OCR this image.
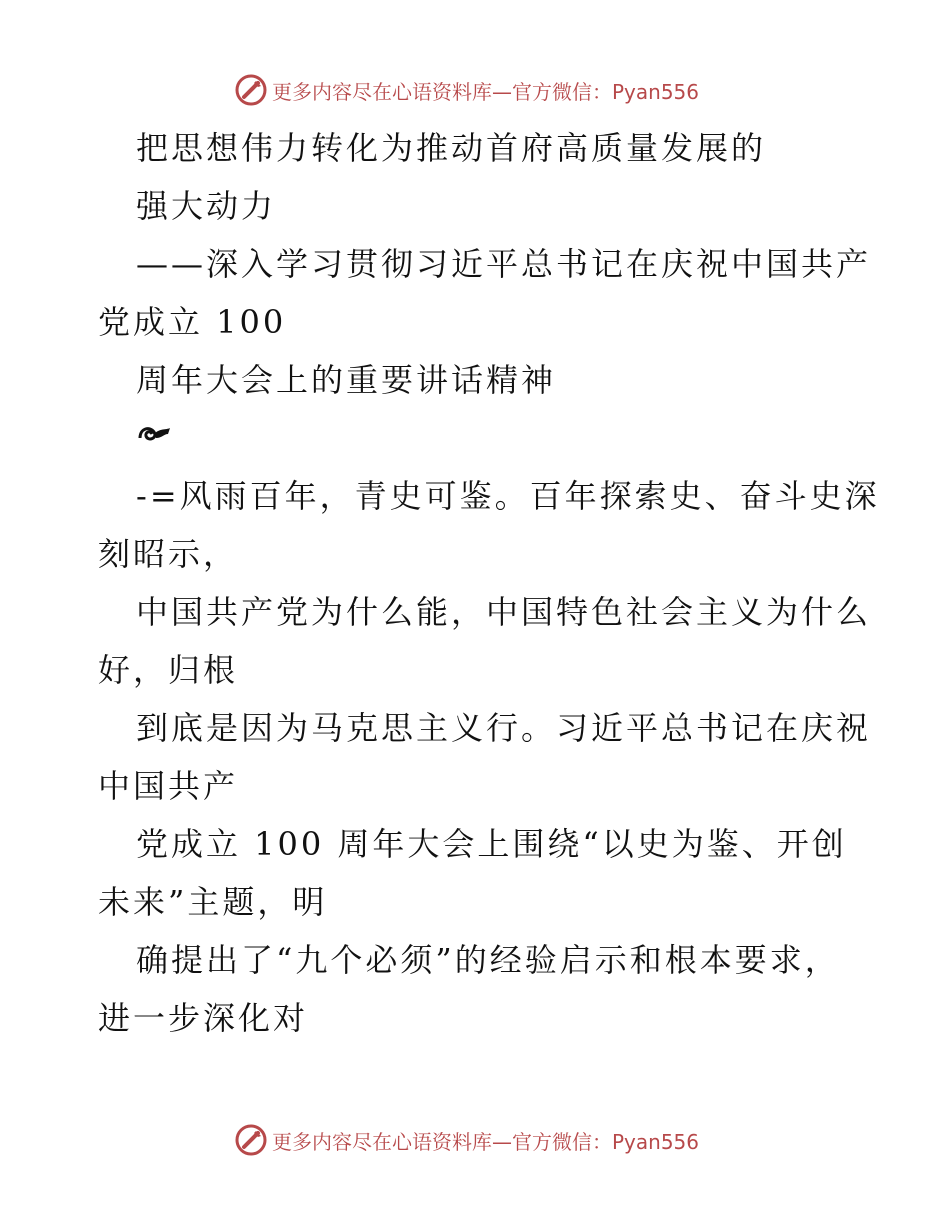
更多内容尽在心语资料库—官方微信：Pyan556
把思想伟力转化为推动首府高质量发展的
强大动力
——深入学习贯彻习近平总书记在庆祝中国共产
党成立 100
周年大会上的重要讲话精神
-=风雨百年，青史可鉴。百年探索史、奋斗史深
刻昭示，
中国共产党为什么能，中国特色社会主义为什么
好，归根
到底是因为马克思主义行。习近平总书记在庆祝
中国共产
党成立 100 周年大会上围绕“以史为鉴、开创
未来”主题，明
确提出了“九个必须”的经验启示和根本要求，
进一步深化对
更多内容尽在心语资料库—官方微信：Pyan556
